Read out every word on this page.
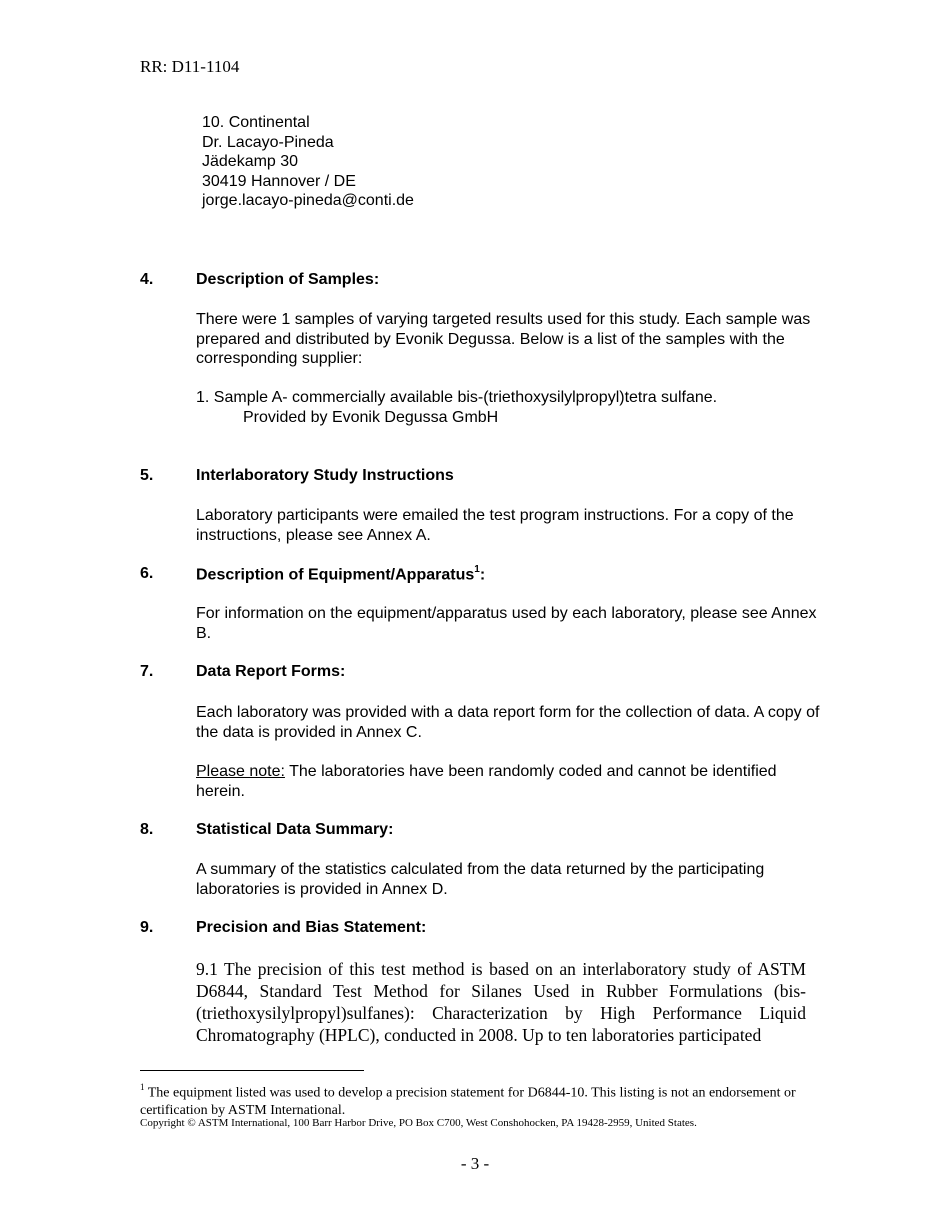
RR: D11-1104
10. Continental
Dr. Lacayo-Pineda
Jädekamp 30
30419 Hannover / DE
jorge.lacayo-pineda@conti.de
4.	Description of Samples:
There were 1 samples of varying targeted results used for this study. Each sample was prepared and distributed by Evonik Degussa. Below is a list of the samples with the corresponding supplier:
1. Sample A- commercially available bis-(triethoxysilylpropyl)tetra sulfane.
Provided by Evonik Degussa GmbH
5.	Interlaboratory Study Instructions
Laboratory participants were emailed the test program instructions. For a copy of the instructions, please see Annex A.
6.	Description of Equipment/Apparatus$^1$:
For information on the equipment/apparatus used by each laboratory, please see Annex B.
7.	Data Report Forms:
Each laboratory was provided with a data report form for the collection of data. A copy of the data is provided in Annex C.
Please note: The laboratories have been randomly coded and cannot be identified herein.
8.	Statistical Data Summary:
A summary of the statistics calculated from the data returned by the participating laboratories is provided in Annex D.
9.	Precision and Bias Statement:
9.1 The precision of this test method is based on an interlaboratory study of ASTM D6844, Standard Test Method for Silanes Used in Rubber Formulations (bis-(triethoxysilylpropyl)sulfanes): Characterization by High Performance Liquid Chromatography (HPLC), conducted in 2008. Up to ten laboratories participated
$^1$ The equipment listed was used to develop a precision statement for D6844-10. This listing is not an endorsement or certification by ASTM International.
Copyright © ASTM International, 100 Barr Harbor Drive, PO Box C700, West Conshohocken, PA 19428-2959, United States.
- 3 -
